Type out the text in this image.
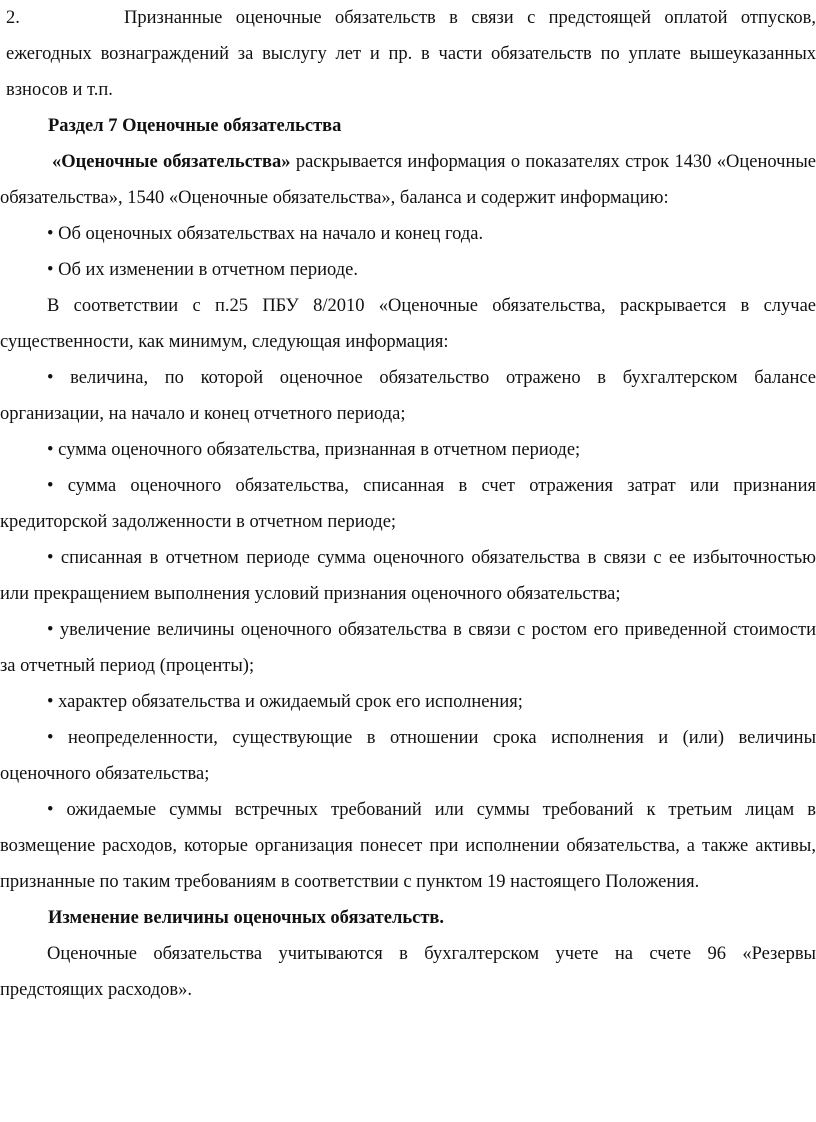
2.	Признанные оценочные обязательств в связи с предстоящей оплатой отпусков, ежегодных вознаграждений за выслугу лет и пр. в части обязательств по уплате вышеуказанных взносов и т.п.

Раздел 7 Оценочные обязательства

«Оценочные обязательства» раскрывается информация о показателях строк 1430 «Оценочные обязательства», 1540 «Оценочные обязательства», баланса и содержит информацию:

• Об оценочных обязательствах на начало и конец года.

• Об их изменении в отчетном периоде.

В соответствии с п.25 ПБУ 8/2010 «Оценочные обязательства, раскрывается в случае существенности, как минимум, следующая информация:

• величина, по которой оценочное обязательство отражено в бухгалтерском балансе организации, на начало и конец отчетного периода;

• сумма оценочного обязательства, признанная в отчетном периоде;

• сумма оценочного обязательства, списанная в счет отражения затрат или признания кредиторской задолженности в отчетном периоде;

• списанная в отчетном периоде сумма оценочного обязательства в связи с ее избыточностью или прекращением выполнения условий признания оценочного обязательства;

• увеличение величины оценочного обязательства в связи с ростом его приведенной стоимости за отчетный период (проценты);

• характер обязательства и ожидаемый срок его исполнения;

• неопределенности, существующие в отношении срока исполнения и (или) величины оценочного обязательства;

• ожидаемые суммы встречных требований или суммы требований к третьим лицам в возмещение расходов, которые организация понесет при исполнении обязательства, а также активы, признанные по таким требованиям в соответствии с пунктом 19 настоящего Положения.

Изменение величины оценочных обязательств.

Оценочные обязательства учитываются в бухгалтерском учете на счете 96 «Резервы предстоящих расходов».
